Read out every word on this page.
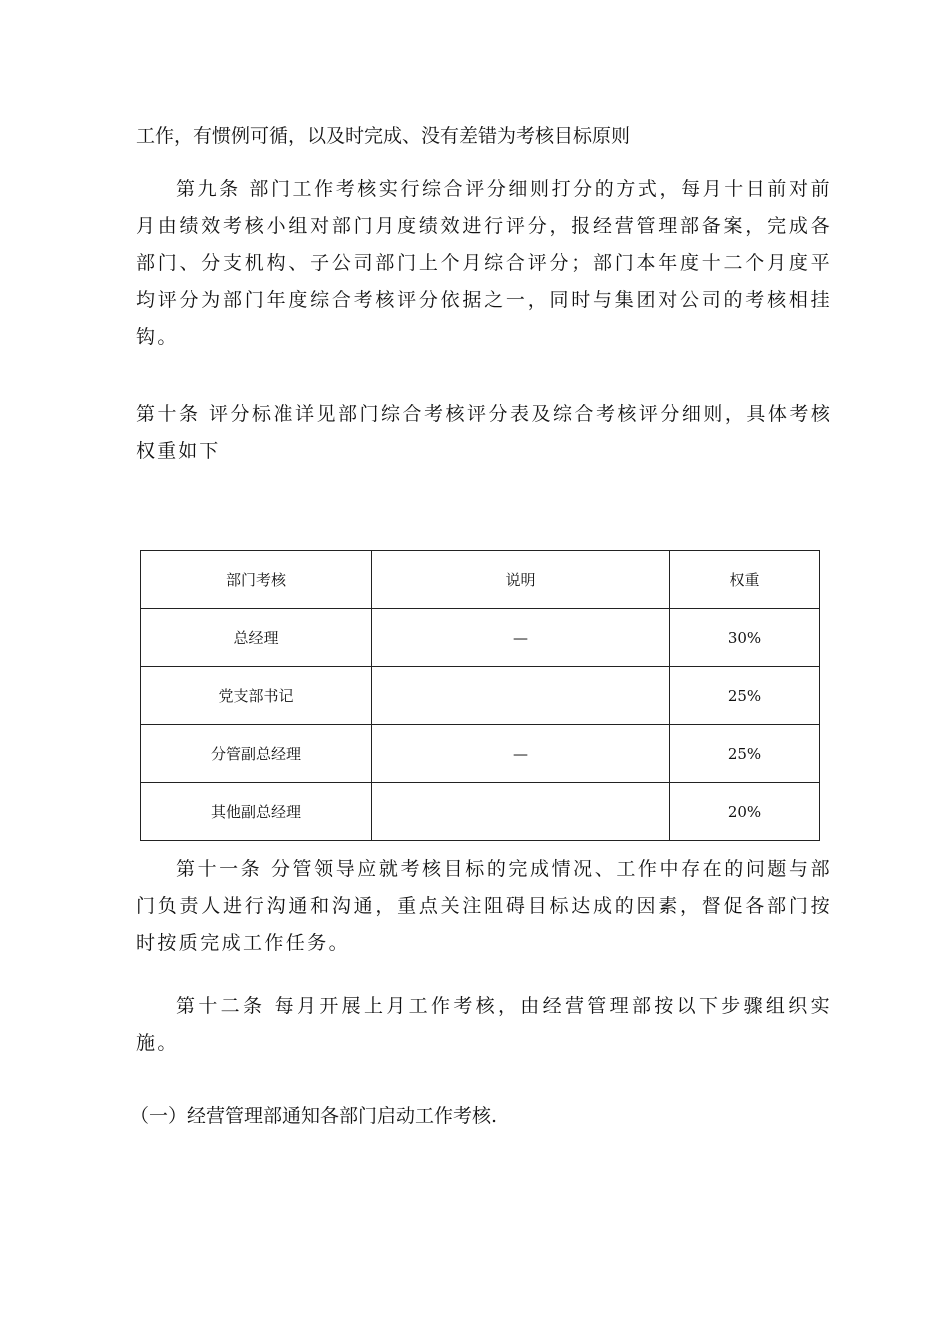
工作，有惯例可循，以及时完成、没有差错为考核目标原则

第九条 部门工作考核实行综合评分细则打分的方式，每月十日前对前月由绩效考核小组对部门月度绩效进行评分，报经营管理部备案，完成各部门、分支机构、子公司部门上个月综合评分；部门本年度十二个月度平均评分为部门年度综合考核评分依据之一，同时与集团对公司的考核相挂钩。

第十条 评分标准详见部门综合考核评分表及综合考核评分细则，具体考核权重如下

部门考核	说明	权重
总经理	—	30%
党支部书记		25%
分管副总经理	—	25%
其他副总经理		20%

第十一条 分管领导应就考核目标的完成情况、工作中存在的问题与部门负责人进行沟通和沟通，重点关注阻碍目标达成的因素，督促各部门按时按质完成工作任务。

第十二条 每月开展上月工作考核，由经营管理部按以下步骤组织实施。

（一）经营管理部通知各部门启动工作考核.
